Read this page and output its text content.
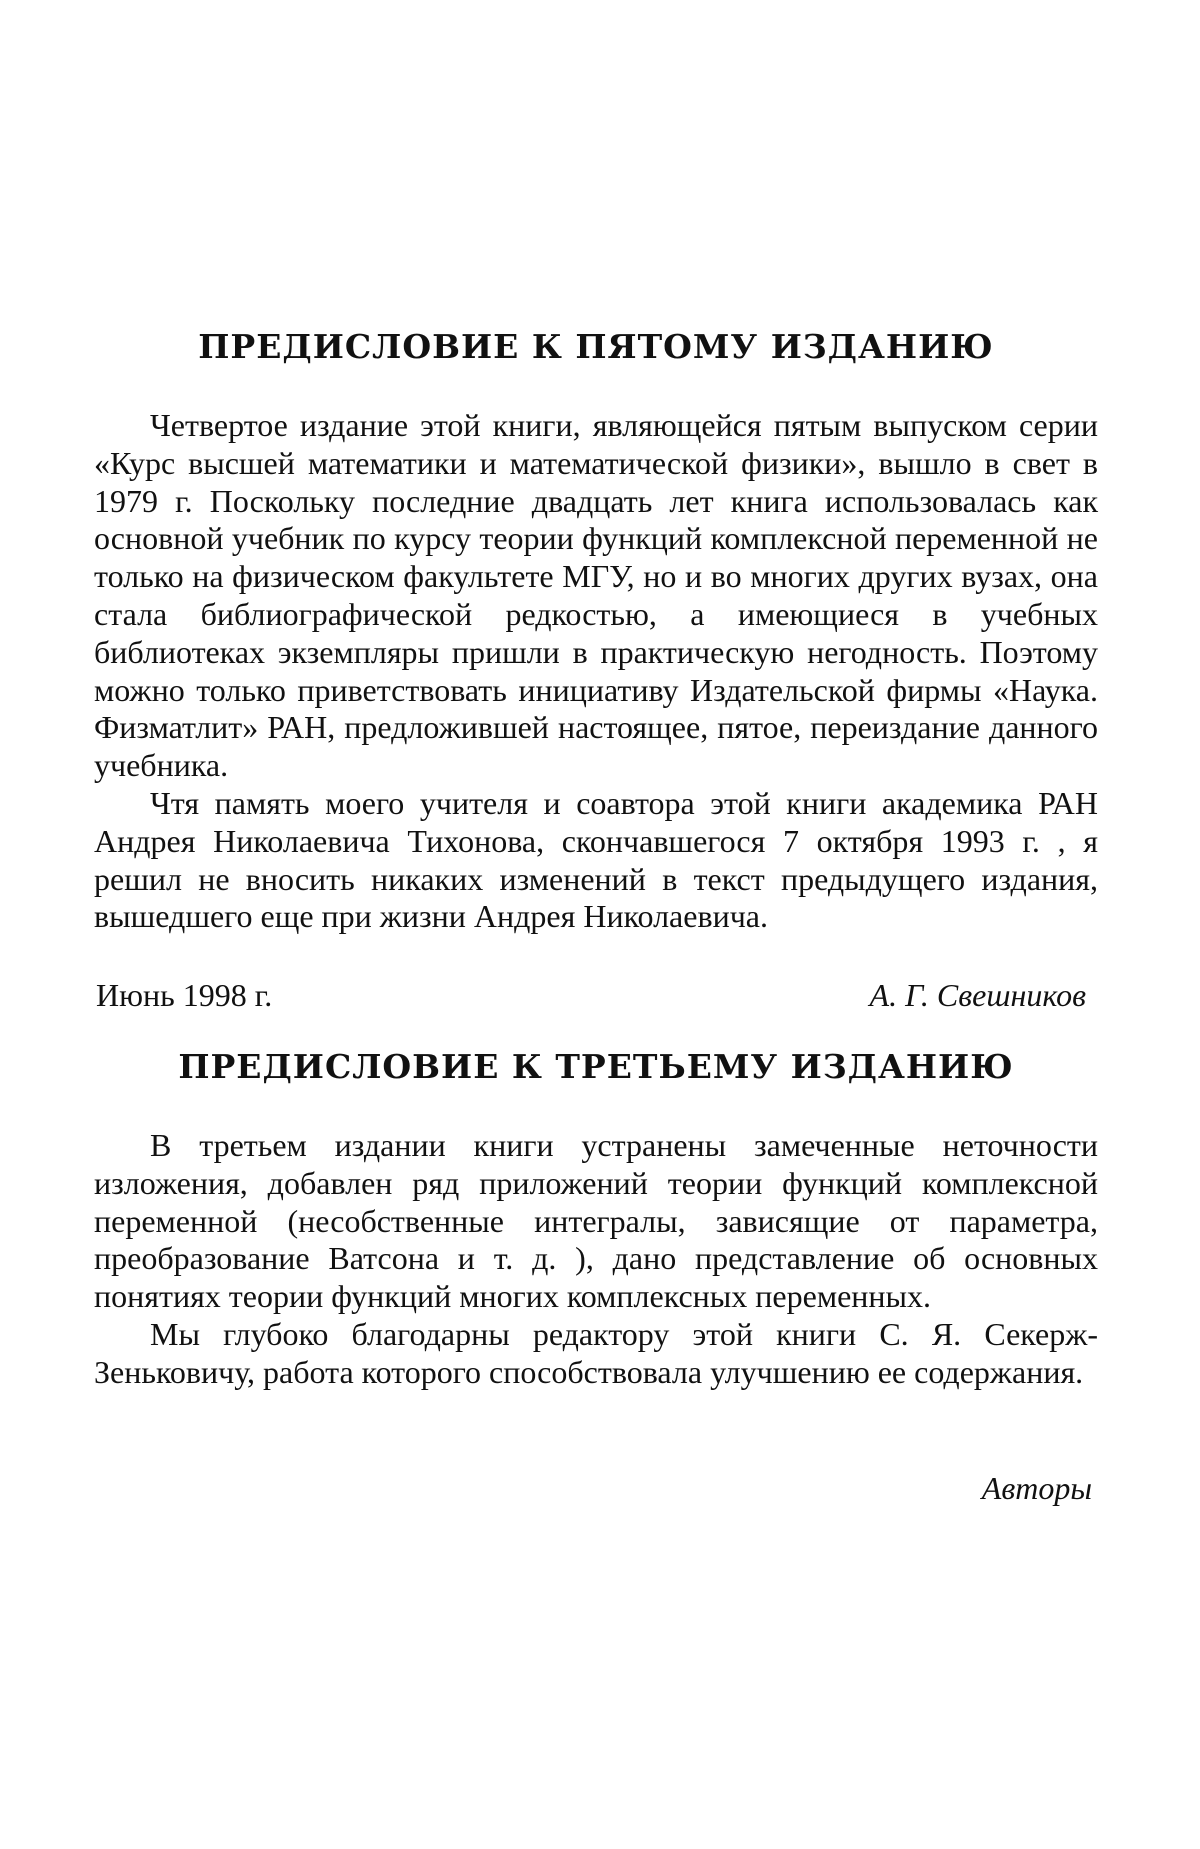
ПРЕДИСЛОВИЕ К ПЯТОМУ ИЗДАНИЮ

Четвертое издание этой книги, являющейся пятым выпуском серии «Курс высшей математики и математической физики», вышло в свет в 1979 г. Поскольку последние двадцать лет книга использовалась как основной учебник по курсу теории функций комплексной переменной не только на физическом факультете МГУ, но и во многих других вузах, она стала библиографической редкостью, а имеющиеся в учебных библиотеках экземпляры пришли в практическую негодность. Поэтому можно только приветствовать инициативу Издательской фирмы «Наука. Физматлит» РАН, предложившей настоящее, пятое, переиздание данного учебника.

Чтя память моего учителя и соавтора этой книги академика РАН Андрея Николаевича Тихонова, скончавшегося 7 октября 1993 г. , я решил не вносить никаких изменений в текст предыдущего издания, вышедшего еще при жизни Андрея Николаевича.

Июнь 1998 г.	А. Г. Свешников
ПРЕДИСЛОВИЕ К ТРЕТЬЕМУ ИЗДАНИЮ

В третьем издании книги устранены замеченные неточности изложения, добавлен ряд приложений теории функций комплексной переменной (несобственные интегралы, зависящие от параметра, преобразование Ватсона и т. д. ), дано представление об основных понятиях теории функций многих комплексных переменных.

Мы глубоко благодарны редактору этой книги С. Я. Секерж-Зеньковичу, работа которого способствовала улучшению ее содержания.

Авторы
